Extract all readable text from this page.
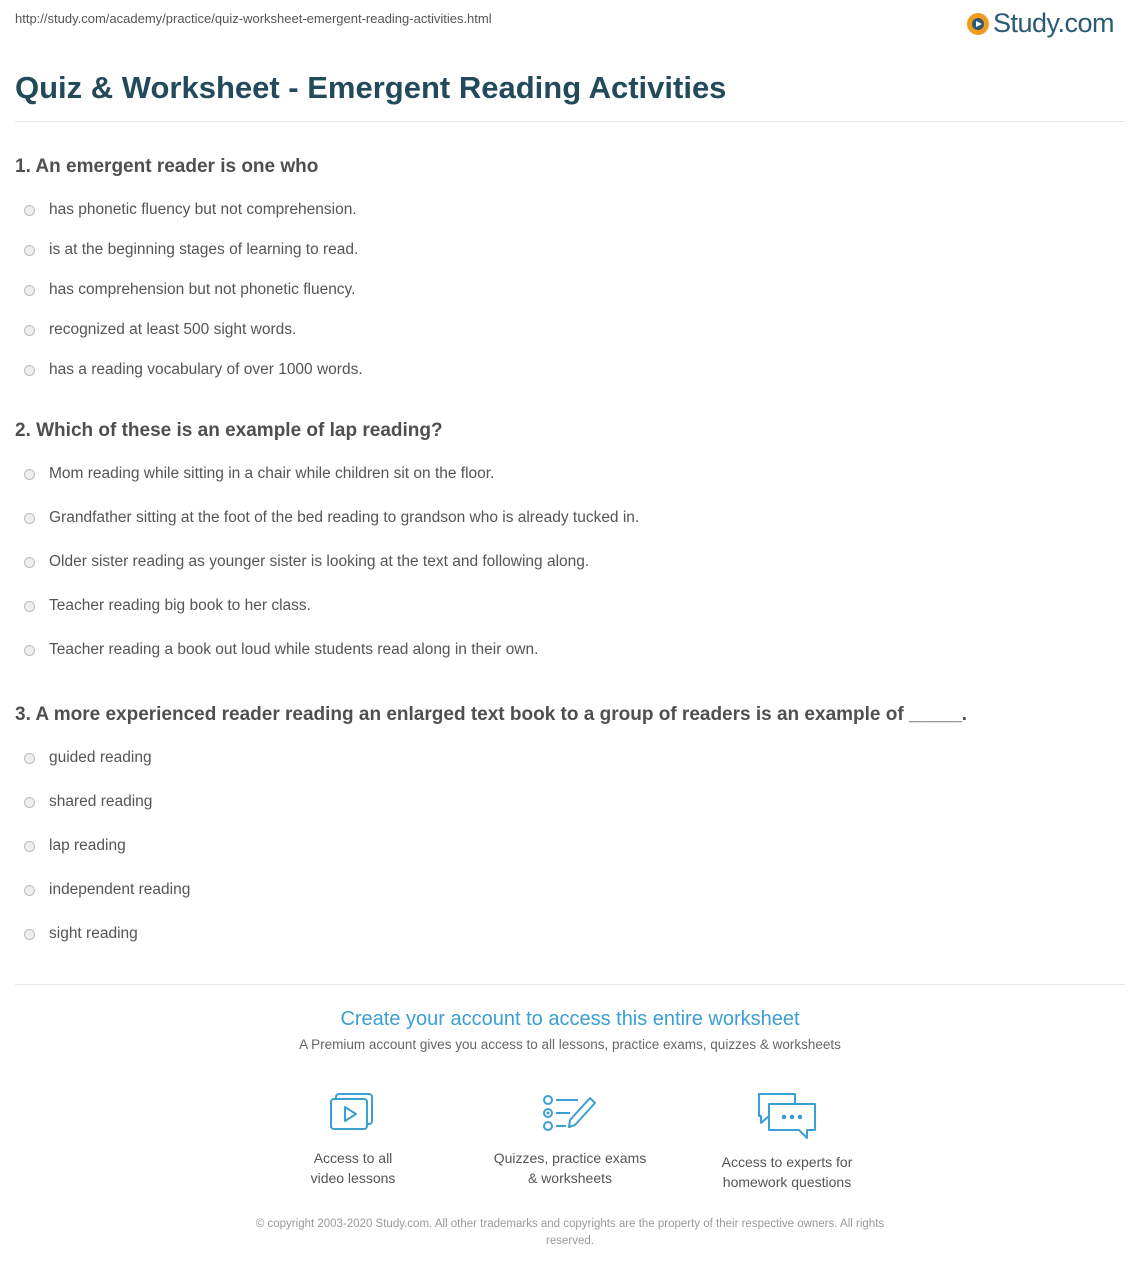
http://study.com/academy/practice/quiz-worksheet-emergent-reading-activities.html	Study.com
Quiz & Worksheet - Emergent Reading Activities

1. An emergent reader is one who

has phonetic fluency but not comprehension.
is at the beginning stages of learning to read.
has comprehension but not phonetic fluency.
recognized at least 500 sight words.
has a reading vocabulary of over 1000 words.

2. Which of these is an example of lap reading?

Mom reading while sitting in a chair while children sit on the floor.
Grandfather sitting at the foot of the bed reading to grandson who is already tucked in.
Older sister reading as younger sister is looking at the text and following along.
Teacher reading big book to her class.
Teacher reading a book out loud while students read along in their own.

3. A more experienced reader reading an enlarged text book to a group of readers is an example of _____.

guided reading
shared reading
lap reading
independent reading
sight reading

Create your account to access this entire worksheet

A Premium account gives you access to all lessons, practice exams, quizzes & worksheets
Access to all
video lessons
Quizzes, practice exams
& worksheets
Access to experts for
homework questions
© copyright 2003-2020 Study.com. All other trademarks and copyrights are the property of their respective owners. All rights
reserved.
